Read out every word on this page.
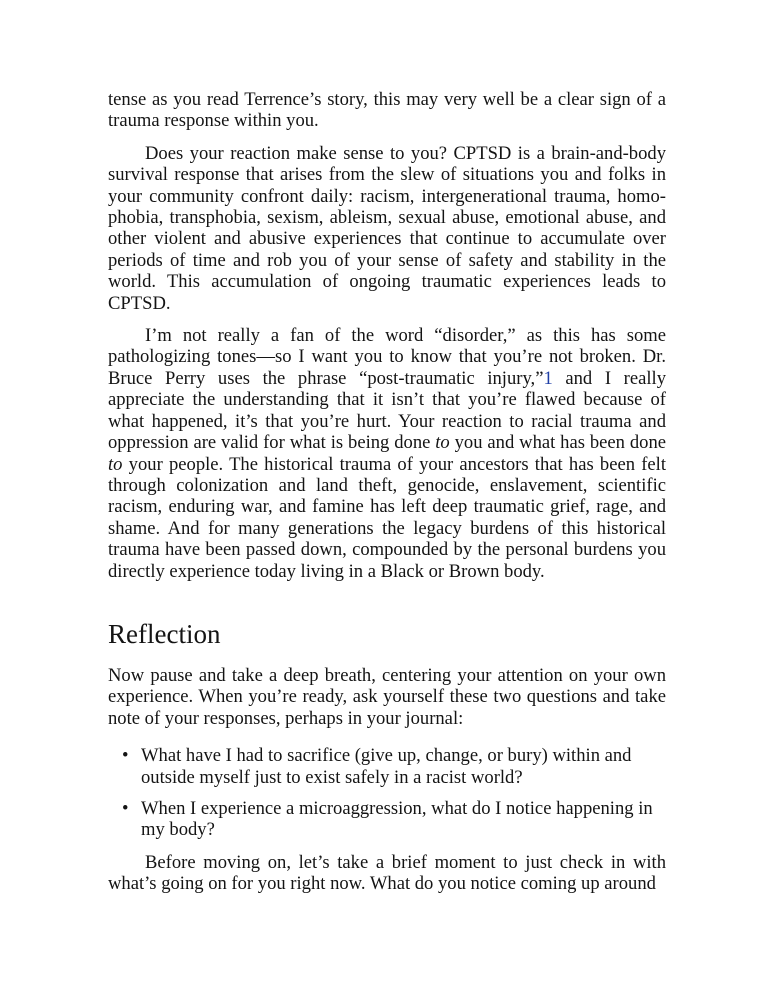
tense as you read Terrence’s story, this may very well be a clear sign of a trauma response within you.

Does your reaction make sense to you? CPTSD is a brain-and-body survival response that arises from the slew of situations you and folks in your community confront daily: racism, intergenerational trauma, homophobia, transphobia, sexism, ableism, sexual abuse, emotional abuse, and other violent and abusive experiences that continue to accumulate over periods of time and rob you of your sense of safety and stability in the world. This accumulation of ongoing traumatic experiences leads to CPTSD.

I’m not really a fan of the word “disorder,” as this has some pathologizing tones—so I want you to know that you’re not broken. Dr. Bruce Perry uses the phrase “post-traumatic injury,”1 and I really appreciate the understanding that it isn’t that you’re flawed because of what happened, it’s that you’re hurt. Your reaction to racial trauma and oppression are valid for what is being done to you and what has been done to your people. The historical trauma of your ancestors that has been felt through colonization and land theft, genocide, enslavement, scientific racism, enduring war, and famine has left deep traumatic grief, rage, and shame. And for many generations the legacy burdens of this historical trauma have been passed down, compounded by the personal burdens you directly experience today living in a Black or Brown body.

Reflection

Now pause and take a deep breath, centering your attention on your own experience. When you’re ready, ask yourself these two questions and take note of your responses, perhaps in your journal:

• What have I had to sacrifice (give up, change, or bury) within and outside myself just to exist safely in a racist world?
• When I experience a microaggression, what do I notice happening in my body?

Before moving on, let’s take a brief moment to just check in with what’s going on for you right now. What do you notice coming up around
